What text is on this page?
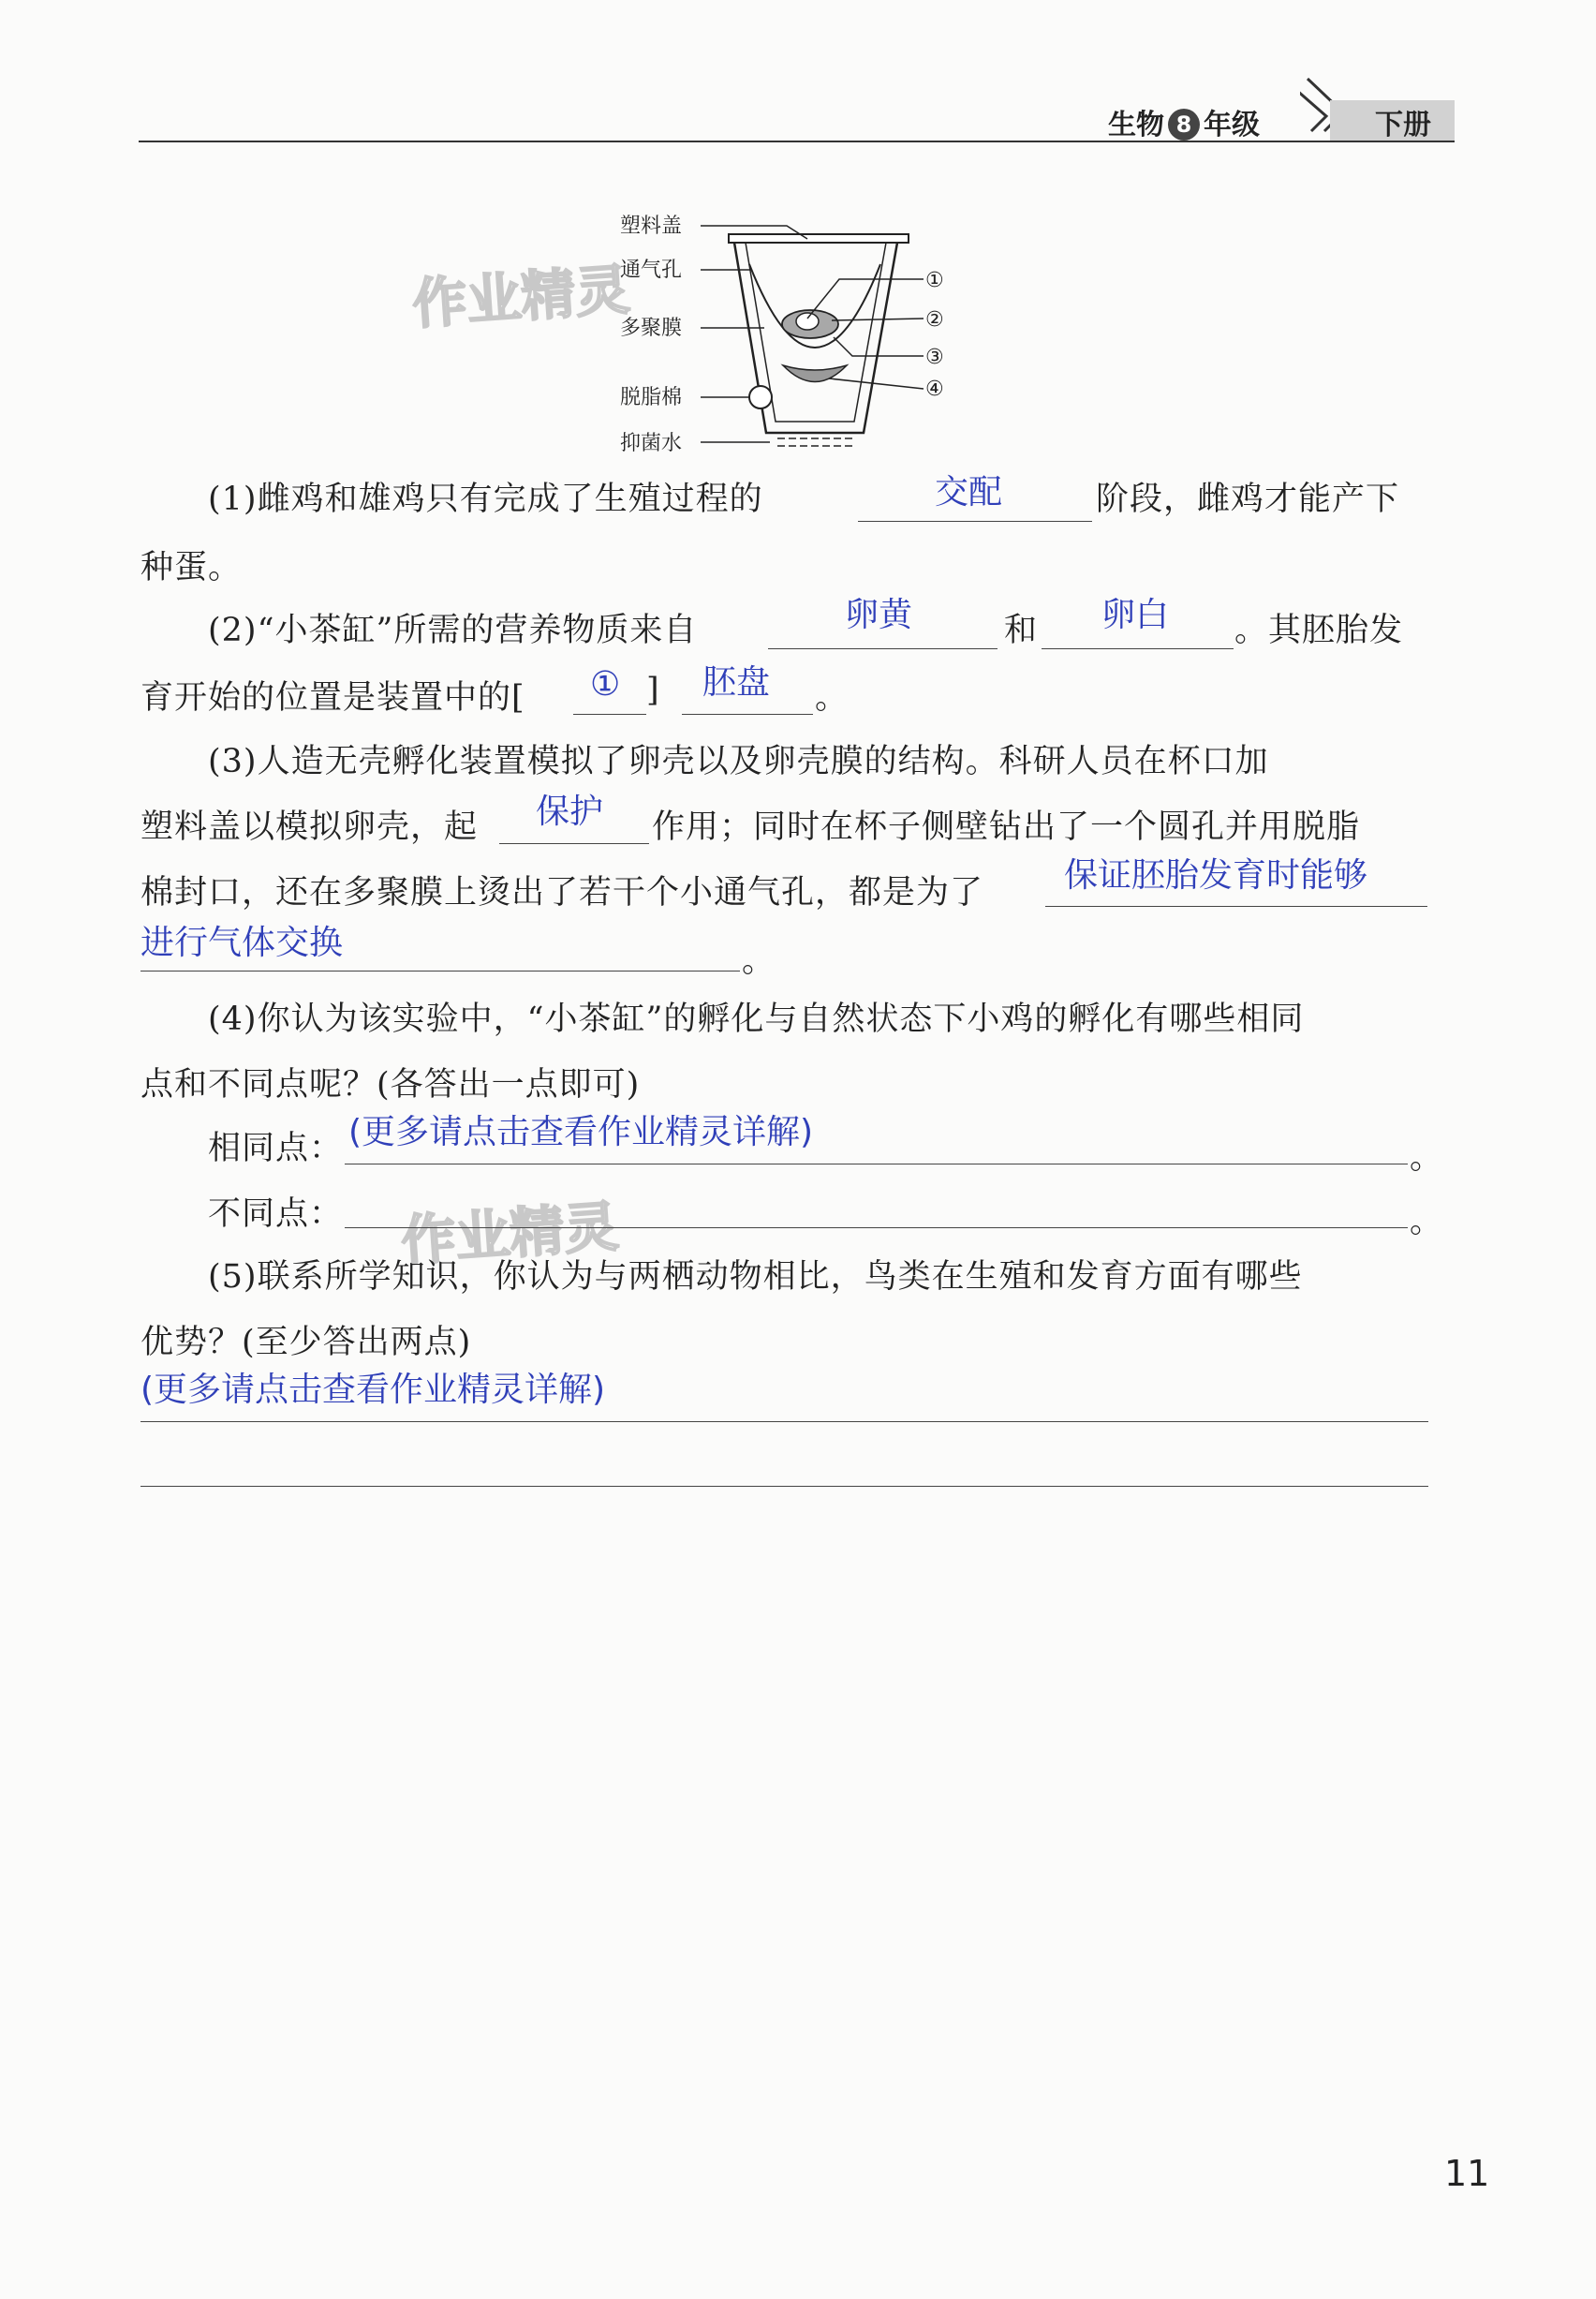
生物 8 年级	下册
塑料盖
通气孔
多聚膜
脱脂棉
抑菌水
①
②
③
④
作业精灵
作业精灵
(1)雌鸡和雄鸡只有完成了生殖过程的	交配	阶段，雌鸡才能产下
种蛋。
(2)“小茶缸”所需的营养物质来自	卵黄	和 卵白 。其胚胎发
育开始的位置是装置中的[ ① ] 胚盘 。
(3)人造无壳孵化装置模拟了卵壳以及卵壳膜的结构。科研人员在杯口加
塑料盖以模拟卵壳，起 保护 作用；同时在杯子侧壁钻出了一个圆孔并用脱脂
棉封口，还在多聚膜上烫出了若干个小通气孔，都是为了 保证胚胎发育时能够
进行气体交换	。
(4)你认为该实验中，“小茶缸”的孵化与自然状态下小鸡的孵化有哪些相同
点和不同点呢？(各答出一点即可)
相同点： (更多请点击查看作业精灵详解)
。
不同点：	。
(5)联系所学知识，你认为与两栖动物相比，鸟类在生殖和发育方面有哪些
优势？(至少答出两点)
(更多请点击查看作业精灵详解)
11
